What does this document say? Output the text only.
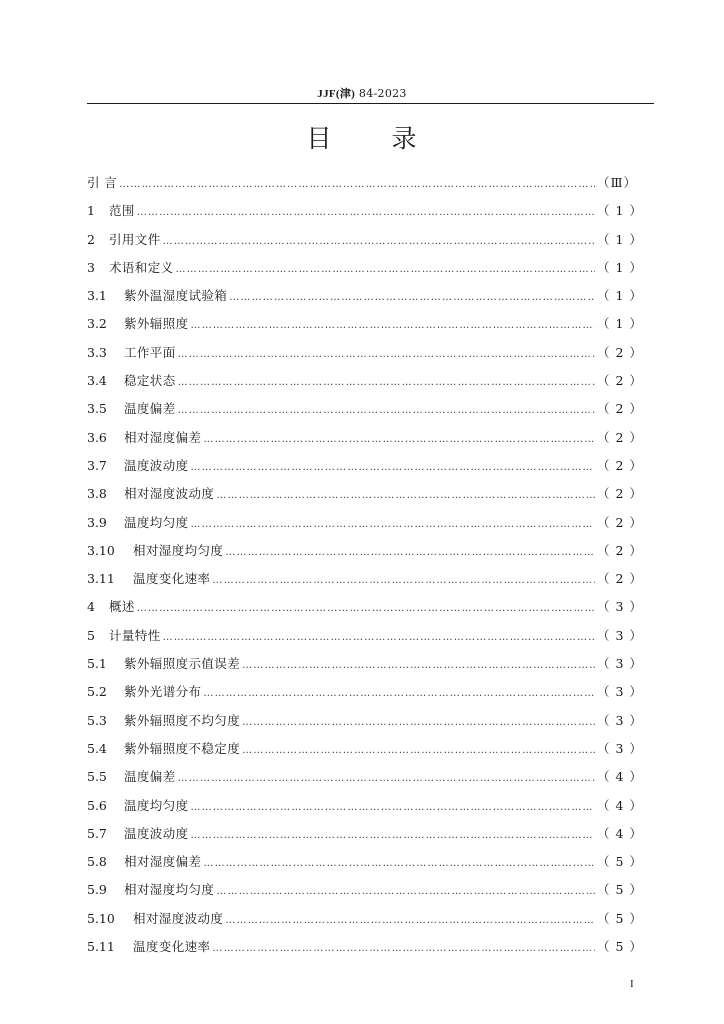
JJF(津) 84-2023
目 录
引 言 ………………………………………………………………………………………………………………………………………………………………………………………………………	（Ⅲ）
1 范围 ………………………………………………………………………………………………………………………………………………………………………………………………………	（ 1 ）
2 引用文件 ………………………………………………………………………………………………………………………………………………………………………………………………………	（ 1 ）
3 术语和定义 ………………………………………………………………………………………………………………………………………………………………………………………………………	（ 1 ）
3.1 紫外温湿度试验箱 ………………………………………………………………………………………………………………………………………………………………………………………………………	（ 1 ）
3.2 紫外辐照度 ………………………………………………………………………………………………………………………………………………………………………………………………………	（ 1 ）
3.3 工作平面 ………………………………………………………………………………………………………………………………………………………………………………………………………	（ 2 ）
3.4 稳定状态 ………………………………………………………………………………………………………………………………………………………………………………………………………	（ 2 ）
3.5 温度偏差 ………………………………………………………………………………………………………………………………………………………………………………………………………	（ 2 ）
3.6 相对湿度偏差 ………………………………………………………………………………………………………………………………………………………………………………………………………	（ 2 ）
3.7 温度波动度 ………………………………………………………………………………………………………………………………………………………………………………………………………	（ 2 ）
3.8 相对湿度波动度 ………………………………………………………………………………………………………………………………………………………………………………………………………	（ 2 ）
3.9 温度均匀度 ………………………………………………………………………………………………………………………………………………………………………………………………………	（ 2 ）
3.10 相对湿度均匀度 ………………………………………………………………………………………………………………………………………………………………………………………………………	（ 2 ）
3.11 温度变化速率 ………………………………………………………………………………………………………………………………………………………………………………………………………	（ 2 ）
4 概述 ………………………………………………………………………………………………………………………………………………………………………………………………………	（ 3 ）
5 计量特性 ………………………………………………………………………………………………………………………………………………………………………………………………………	（ 3 ）
5.1 紫外辐照度示值误差 ………………………………………………………………………………………………………………………………………………………………………………………………………	（ 3 ）
5.2 紫外光谱分布 ………………………………………………………………………………………………………………………………………………………………………………………………………	（ 3 ）
5.3 紫外辐照度不均匀度 ………………………………………………………………………………………………………………………………………………………………………………………………………	（ 3 ）
5.4 紫外辐照度不稳定度 ………………………………………………………………………………………………………………………………………………………………………………………………………	（ 3 ）
5.5 温度偏差 ………………………………………………………………………………………………………………………………………………………………………………………………………	（ 4 ）
5.6 温度均匀度 ………………………………………………………………………………………………………………………………………………………………………………………………………	（ 4 ）
5.7 温度波动度 ………………………………………………………………………………………………………………………………………………………………………………………………………	（ 4 ）
5.8 相对湿度偏差 ………………………………………………………………………………………………………………………………………………………………………………………………………	（ 5 ）
5.9 相对湿度均匀度 ………………………………………………………………………………………………………………………………………………………………………………………………………	（ 5 ）
5.10 相对湿度波动度 ………………………………………………………………………………………………………………………………………………………………………………………………………	（ 5 ）
5.11 温度变化速率 ………………………………………………………………………………………………………………………………………………………………………………………………………	（ 5 ）
I
